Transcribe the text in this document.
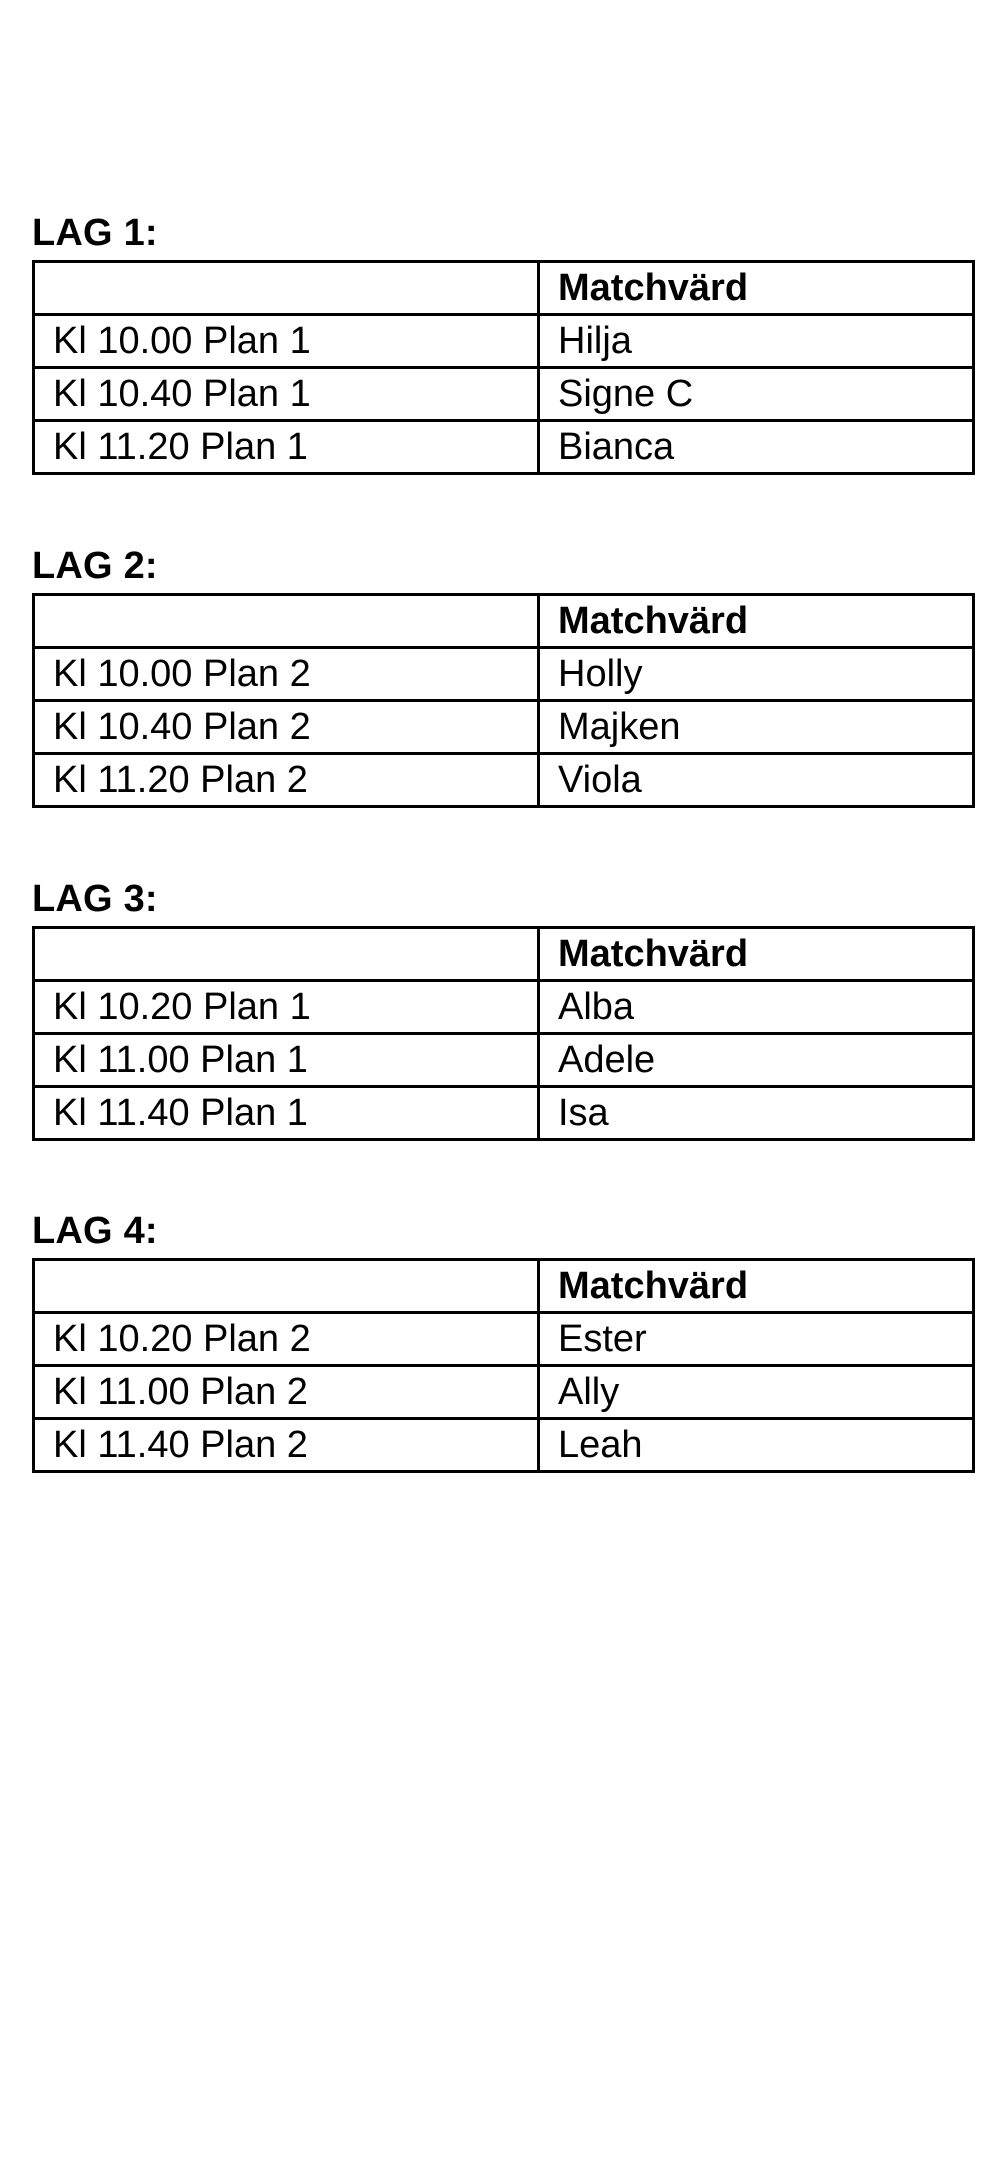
LAG 1:
	Matchvärd
Kl 10.00 Plan 1	Hilja
Kl 10.40 Plan 1	Signe C
Kl 11.20 Plan 1	Bianca
LAG 2:
	Matchvärd
Kl 10.00 Plan 2	Holly
Kl 10.40 Plan 2	Majken
Kl 11.20 Plan 2	Viola
LAG 3:
	Matchvärd
Kl 10.20 Plan 1	Alba
Kl 11.00 Plan 1	Adele
Kl 11.40 Plan 1	Isa
LAG 4:
	Matchvärd
Kl 10.20 Plan 2	Ester
Kl 11.00 Plan 2	Ally
Kl 11.40 Plan 2	Leah
